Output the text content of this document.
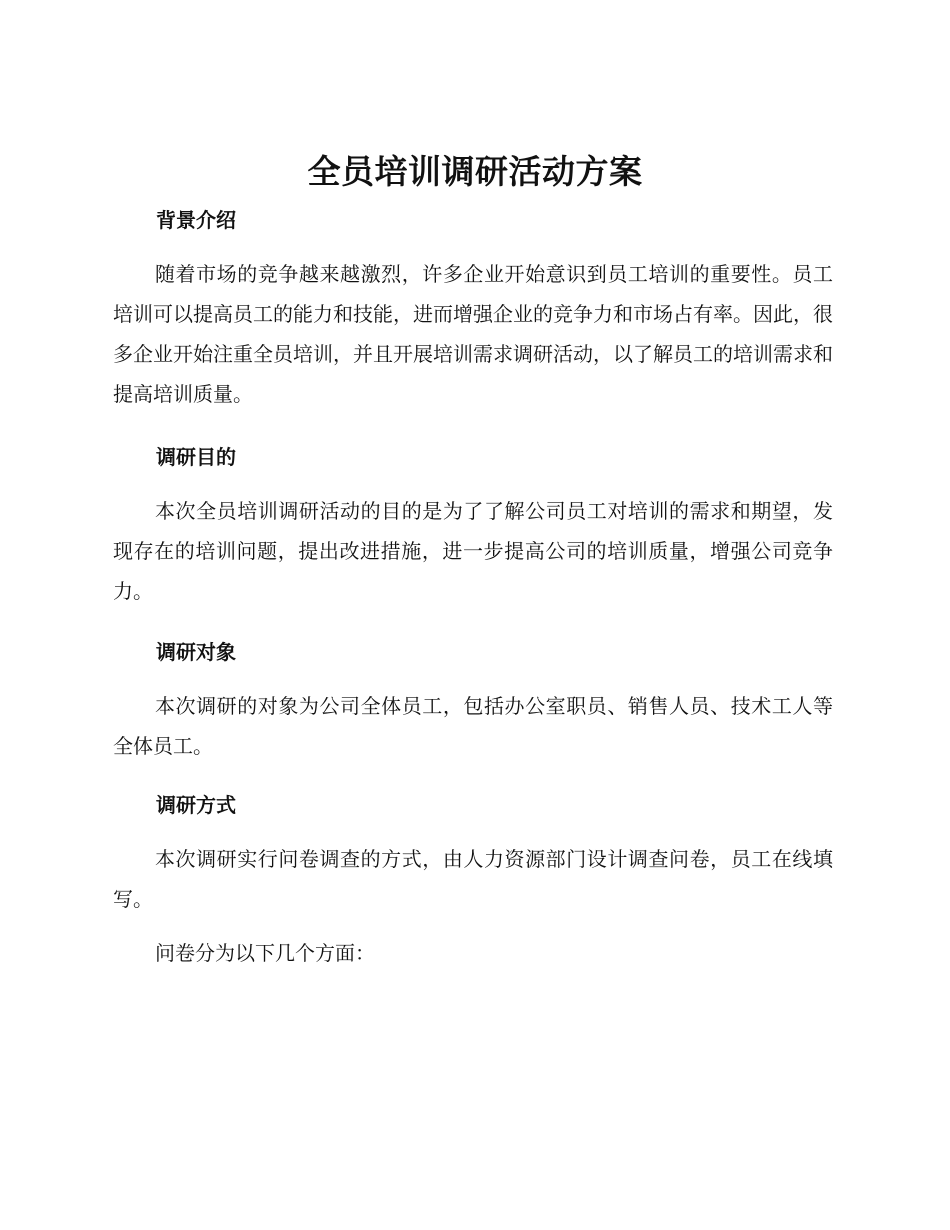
全员培训调研活动方案
背景介绍

随着市场的竞争越来越激烈，许多企业开始意识到员工培训的重要性。员工培训可以提高员工的能力和技能，进而增强企业的竞争力和市场占有率。因此，很多企业开始注重全员培训，并且开展培训需求调研活动，以了解员工的培训需求和提高培训质量。

调研目的

本次全员培训调研活动的目的是为了了解公司员工对培训的需求和期望，发现存在的培训问题，提出改进措施，进一步提高公司的培训质量，增强公司竞争力。

调研对象

本次调研的对象为公司全体员工，包括办公室职员、销售人员、技术工人等全体员工。

调研方式

本次调研实行问卷调查的方式，由人力资源部门设计调查问卷，员工在线填写。

问卷分为以下几个方面：
